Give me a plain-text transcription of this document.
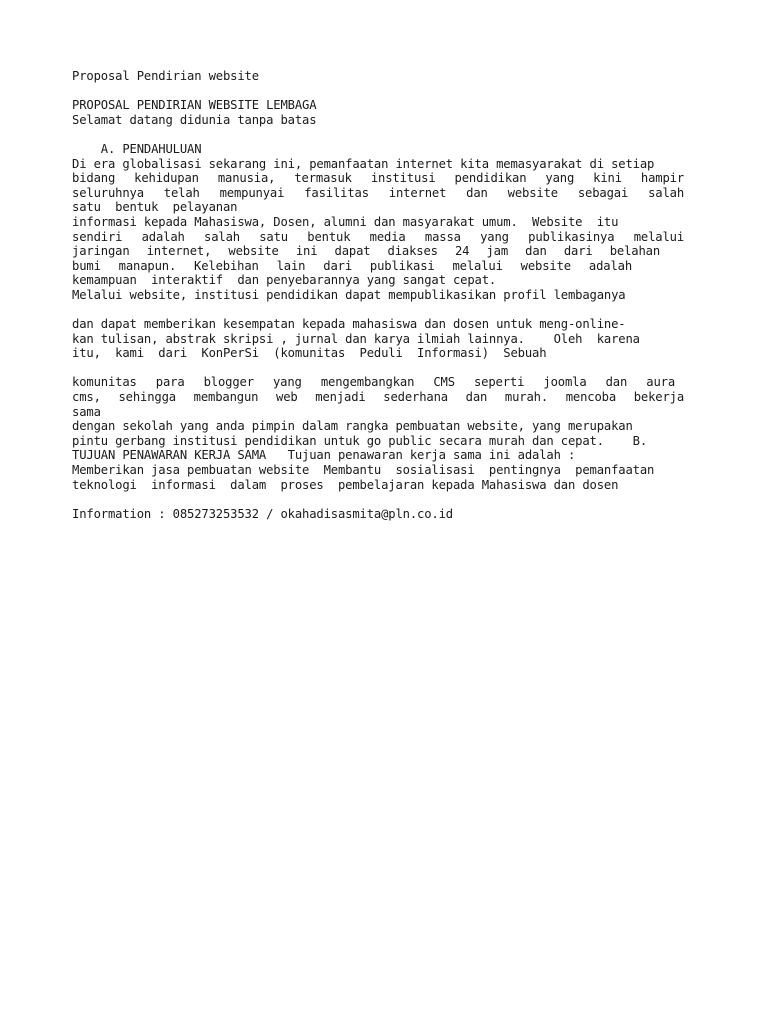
Proposal Pendirian website
PROPOSAL PENDIRIAN WEBSITE LEMBAGA
Selamat datang didunia tanpa batas
A. PENDAHULUAN
Di era globalisasi sekarang ini, pemanfaatan internet kita memasyarakat di setiap
bidang kehidupan manusia, termasuk institusi pendidikan yang kini hampir
seluruhnya telah mempunyai fasilitas internet dan website sebagai salah
satu  bentuk  pelayanan
informasi kepada Mahasiswa, Dosen, alumni dan masyarakat umum.  Website  itu
sendiri adalah salah satu bentuk media massa yang publikasinya melalui
jaringan internet, website ini dapat diakses 24 jam dan dari belahan
bumi manapun. Kelebihan lain dari publikasi melalui website adalah
kemampuan  interaktif  dan penyebarannya yang sangat cepat.
Melalui website, institusi pendidikan dapat mempublikasikan profil lembaganya
dan dapat memberikan kesempatan kepada mahasiswa dan dosen untuk meng-online-
kan tulisan, abstrak skripsi , jurnal dan karya ilmiah lainnya.    Oleh  karena
itu,  kami  dari  KonPerSi  (komunitas  Peduli  Informasi)  Sebuah
komunitas para blogger yang mengembangkan CMS seperti joomla dan aura
cms, sehingga membangun web menjadi sederhana dan murah. mencoba bekerja
sama
dengan sekolah yang anda pimpin dalam rangka pembuatan website, yang merupakan
pintu gerbang institusi pendidikan untuk go public secara murah dan cepat.    B.
TUJUAN PENAWARAN KERJA SAMA   Tujuan penawaran kerja sama ini adalah :
Memberikan jasa pembuatan website  Membantu  sosialisasi  pentingnya  pemanfaatan
teknologi  informasi  dalam  proses  pembelajaran kepada Mahasiswa dan dosen
Information : 085273253532 / okahadisasmita@pln.co.id
